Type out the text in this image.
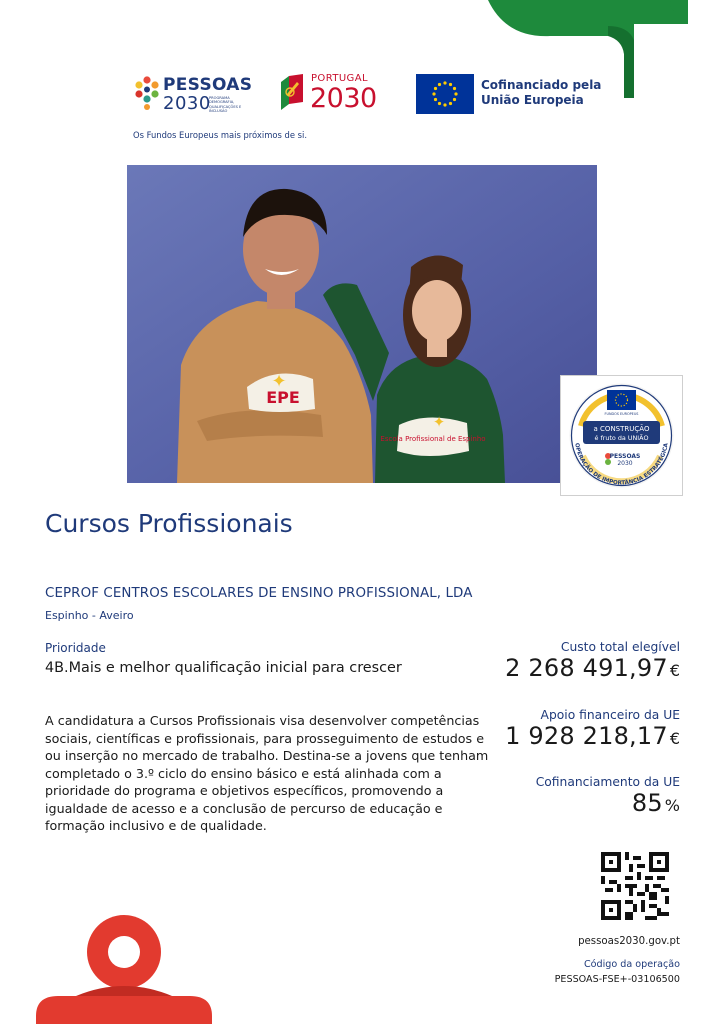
PESSOAS
2030
PROGRAMA DEMOGRAFIA, QUALIFICAÇÕES E INCLUSÃO
PORTUGAL
2030	Cofinanciado pela
União Europeia
Os Fundos Europeus mais próximos de si.
Escola Profissional de Espinho
✦
EPE
✦
FUNDOS EUROPEUS
a CONSTRUÇÃO
é fruto da UNIÃO
PESSOAS
2030
OPERAÇÃO DE IMPORTÂNCIA ESTRATÉGICA
Cursos Profissionais
CEPROF CENTROS ESCOLARES DE ENSINO PROFISSIONAL, LDA
Espinho - Aveiro
Prioridade
4B.Mais e melhor qualificação inicial para crescer

A candidatura a Cursos Profissionais visa desenvolver competências sociais, científicas e profissionais, para prosseguimento de estudos e ou inserção no mercado de trabalho. Destina-se a jovens que tenham completado o 3.º ciclo do ensino básico e está alinhada com a prioridade do programa e objetivos específicos, promovendo a igualdade de acesso e a conclusão de percurso de educação e formação inclusivo e de qualidade.

Custo total elegível
2 268 491,97 €
Apoio financeiro da UE
1 928 218,17 €
Cofinanciamento da UE
85 %
pessoas2030.gov.pt
Código da operação
PESSOAS-FSE+-03106500
